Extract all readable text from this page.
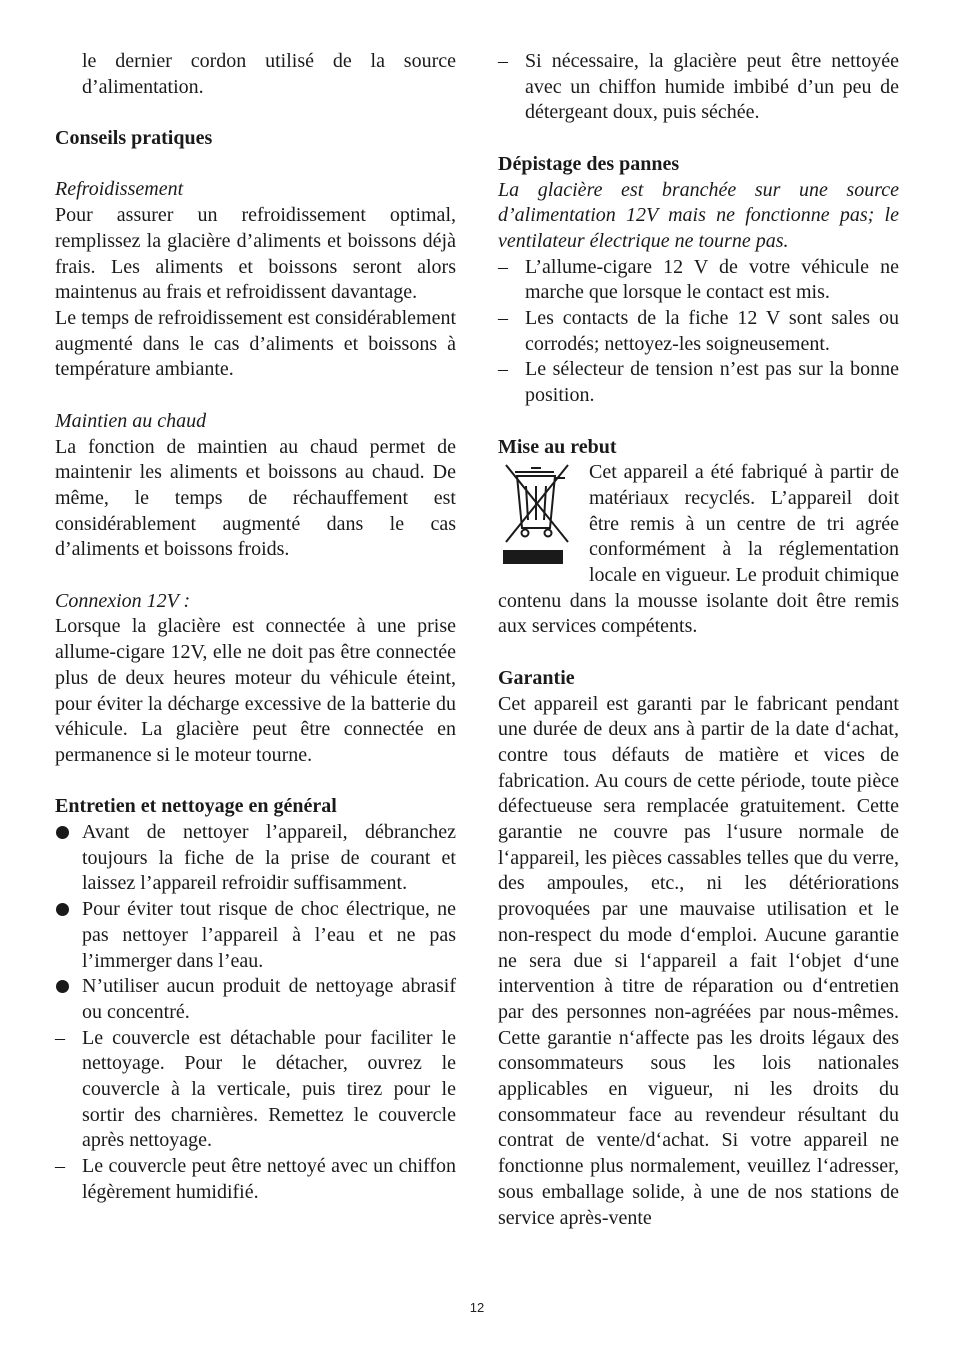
le dernier cordon utilisé de la source d’alimentation.

Conseils pratiques

Refroidissement

Pour assurer un refroidissement optimal, remplissez la glacière d’aliments et boissons déjà frais. Les aliments et boissons seront alors maintenus au frais et refroidissent davantage.

Le temps de refroidissement est considérablement augmenté dans le cas d’aliments et boissons à température ambiante.

Maintien au chaud

La fonction de maintien au chaud permet de maintenir les aliments et boissons au chaud. De même, le temps de réchauffement est considérablement augmenté dans le cas d’aliments et boissons froids.

Connexion 12V :

Lorsque la glacière est connectée à une prise allume-cigare 12V, elle ne doit pas être connectée plus de deux heures moteur du véhicule éteint, pour éviter la décharge excessive de la batterie du véhicule. La glacière peut être connectée en permanence si le moteur tourne.

Entretien et nettoyage en général

Avant de nettoyer l’appareil, débranchez toujours la fiche de la prise de courant et laissez l’appareil refroidir suffisamment.
Pour éviter tout risque de choc électrique, ne pas nettoyer l’appareil à l’eau et ne pas l’immerger dans l’eau.
N’utiliser aucun produit de nettoyage abrasif ou concentré.
– Le couvercle est détachable pour faciliter le nettoyage. Pour le détacher, ouvrez le couvercle à la verticale, puis tirez pour le sortir des charnières. Remettez le couvercle après nettoyage.
– Le couvercle peut être nettoyé avec un chiffon légèrement humidifié.
– Si nécessaire, la glacière peut être nettoyée avec un chiffon humide imbibé d’un peu de détergeant doux, puis séchée.

Dépistage des pannes

La glacière est branchée sur une source d’alimentation 12V mais ne fonctionne pas; le ventilateur électrique ne tourne pas.

– L’allume-cigare 12 V de votre véhicule ne marche que lorsque le contact est mis.
– Les contacts de la fiche 12 V sont sales ou corrodés; nettoyez-les soigneusement.
– Le sélecteur de tension n’est pas sur la bonne position.

Mise au rebut

Cet appareil a été fabriqué à partir de matériaux recyclés. L’appareil doit être remis à un centre de tri agrée conformément à la réglementation locale en vigueur. Le produit chimique contenu dans la mousse isolante doit être remis aux services compétents.

Garantie

Cet appareil est garanti par le fabricant pendant une durée de deux ans à partir de la date d‘achat, contre tous défauts de matière et vices de fabrication. Au cours de cette période, toute pièce défectueuse sera remplacée gratuitement. Cette garantie ne couvre pas l‘usure normale de l‘appareil, les pièces cassables telles que du verre, des ampoules, etc., ni les détériorations provoquées par une mauvaise utilisation et le non-respect du mode d‘emploi. Aucune garantie ne sera due si l‘appareil a fait l‘objet d‘une intervention à titre de réparation ou d‘entretien par des personnes non-agréées par nous-mêmes. Cette garantie n‘affecte pas les droits légaux des consommateurs sous les lois nationales applicables en vigueur, ni les droits du consommateur face au revendeur résultant du contrat de vente/d‘achat. Si votre appareil ne fonctionne plus normalement, veuillez l‘adresser, sous emballage solide, à une de nos stations de service après-vente

12
